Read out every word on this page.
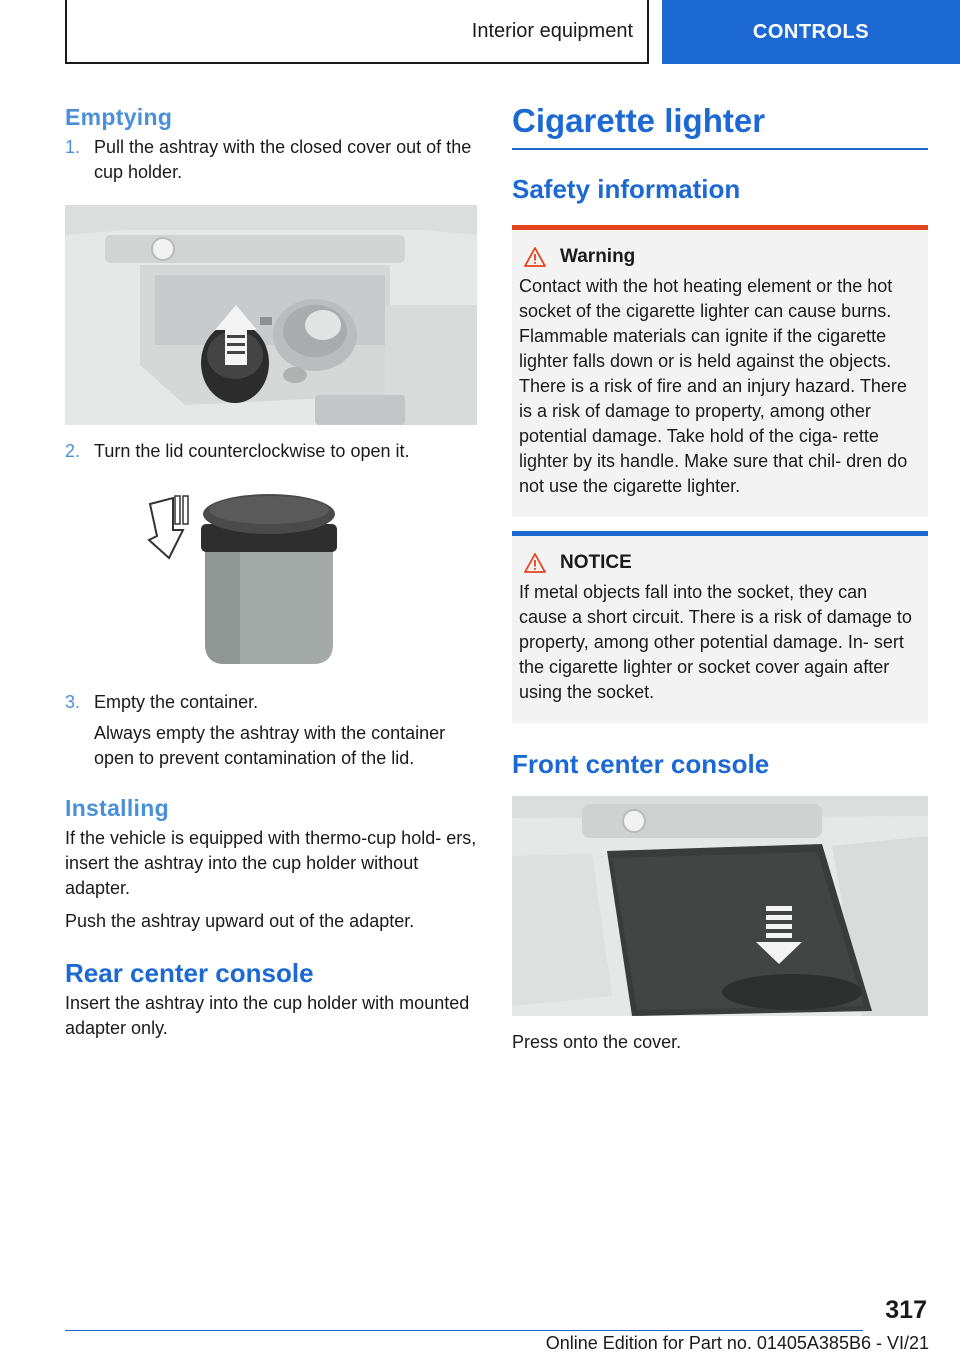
Interior equipment	CONTROLS
Emptying
1. Pull the ashtray with the closed cover out of the cup holder.
2. Turn the lid counterclockwise to open it.
3. Empty the container.

Always empty the ashtray with the container open to prevent contamination of the lid.

Installing

If the vehicle is equipped with thermo-cup hold‐ ers, insert the ashtray into the cup holder without adapter.

Push the ashtray upward out of the adapter.

Rear center console

Insert the ashtray into the cup holder with mounted adapter only.

Cigarette lighter
Safety information
Warning

Contact with the hot heating element or the hot socket of the cigarette lighter can cause burns. Flammable materials can ignite if the cigarette lighter falls down or is held against the objects. There is a risk of fire and an injury hazard. There is a risk of damage to property, among other potential damage. Take hold of the ciga‐ rette lighter by its handle. Make sure that chil‐ dren do not use the cigarette lighter.

NOTICE

If metal objects fall into the socket, they can cause a short circuit. There is a risk of damage to property, among other potential damage. In‐ sert the cigarette lighter or socket cover again after using the socket.

Front center console

Press onto the cover.

317
Online Edition for Part no. 01405A385B6 - VI/21
